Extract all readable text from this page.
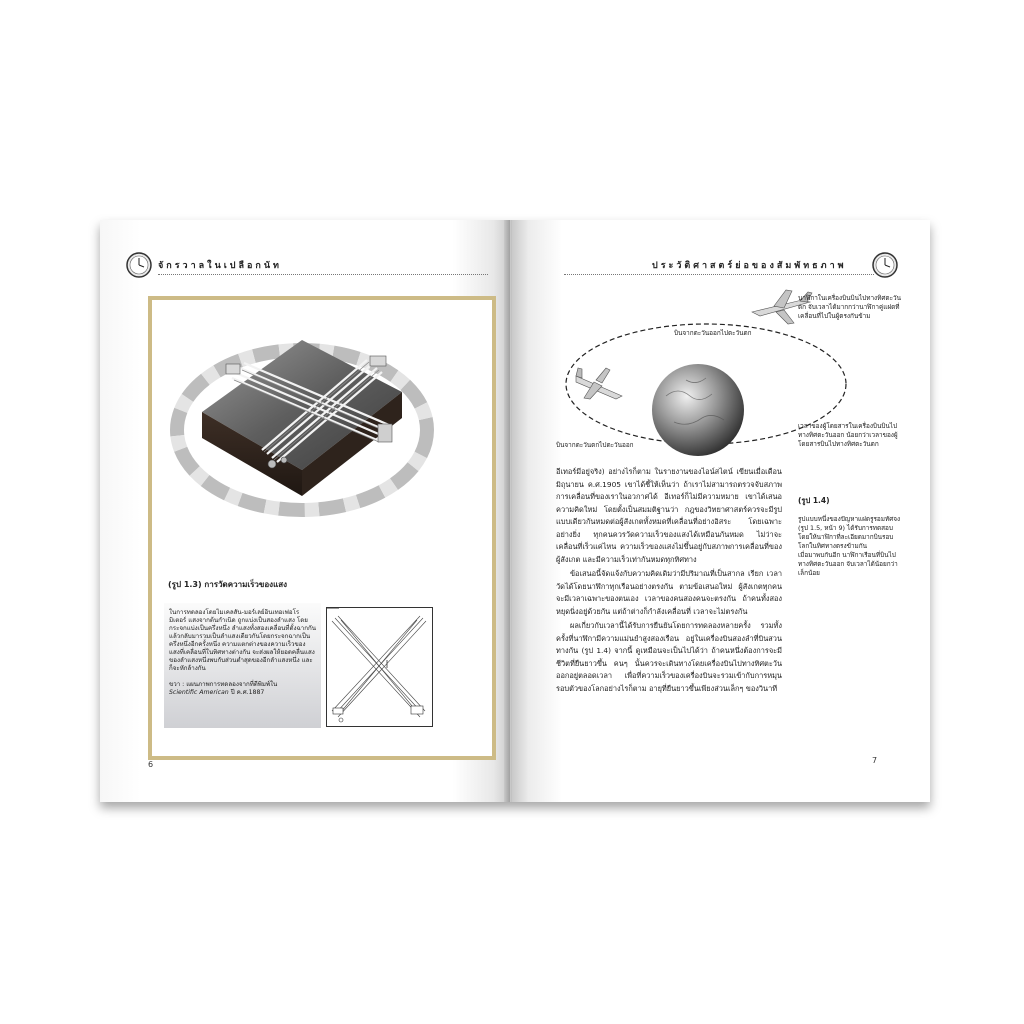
จักรวาลในเปลือกนัท
(รูป 1.3) การวัดความเร็วของแสง

ในการทดลองโดยไมเคลสัน-มอร์เลย์อินเทอเฟอโรมิเตอร์ แสงจากต้นกำเนิด ถูกแบ่งเป็นสองลำแสง โดยกระจกแบ่งเป็นครึ่งหนึ่ง ลำแสงทั้งสองเคลื่อนที่ตั้งฉากกัน แล้วกลับมารวมเป็นลำแสงเดียวกันโดยกระจกฉากเป็นครึ่งหนึ่งอีกครั้งหนึ่ง ความแตกต่างของความเร็วของแสงที่เคลื่อนที่ในทิศทางต่างกัน จะส่งผลให้ยอดคลื่นแสงของลำแสงหนึ่งพบกับส่วนต่ำสุดของอีกลำแสงหนึ่ง และก็จะหักล้างกัน

ขวา : แผนภาพการทดลองจากที่ตีพิมพ์ใน
Scientific American ปี ค.ศ.1887

6
ประวัติศาสตร์ย่อของสัมพัทธภาพ
บินจากตะวันออกไปตะวันตก
บินจากตะวันตกไปตะวันออก
นาฬิกาในเครื่องบินบินไปทางทิศตะวันตก จับเวลาได้มากกว่านาฬิกาคู่แฝดที่เคลื่อนที่ไปในผู้ตรงกันข้าม
เวลาของผู้โดยสารในเครื่องบินบินไปทางทิศตะวันออก น้อยกว่าเวลาของผู้โดยสารบินไปทางทิศตะวันตก
(รูป 1.4)

รูปแบบหนึ่งของปัญหาแฝดรูรอมทัศจง (รูป 1.5, หน้า 9) ได้รับการทดสอบโดยให้นาฬิกาที่ละเอียดมากบินรอบโลกในทิศทางตรงข้ามกัน
เมื่อมาพบกันอีก นาฬิกาเรือนที่บินไปทางทิศตะวันออก จับเวลาได้น้อยกว่าเล็กน้อย

อีเทอร์มีอยู่จริง) อย่างไรก็ตาม ในรายงานของไอน์สไตน์ เขียนเมื่อเดือนมิถุนายน ค.ศ.1905 เขาได้ชี้ให้เห็นว่า ถ้าเราไม่สามารถตรวจจับสภาพการเคลื่อนที่ของเราในอวกาศได้ อีเทอร์ก็ไม่มีความหมาย เขาได้เสนอความคิดใหม่ โดยตั้งเป็นสมมติฐานว่า กฎของวิทยาศาสตร์ควรจะมีรูปแบบเดียวกันหมดต่อผู้สังเกตทั้งหมดที่เคลื่อนที่อย่างอิสระ โดยเฉพาะอย่างยิ่ง ทุกคนควรวัดความเร็วของแสงได้เหมือนกันหมด ไม่ว่าจะเคลื่อนที่เร็วแค่ไหน ความเร็วของแสงไม่ขึ้นอยู่กับสภาพการเคลื่อนที่ของผู้สังเกต และมีความเร็วเท่ากันหมดทุกทิศทาง

ข้อเสนอนี้จัดแจ้งกับความคิดเดิมว่ามีปริมาณที่เป็นสากล เรียก เวลา วัดได้โดยนาฬิกาทุกเรือนอย่างตรงกัน ตามข้อเสนอใหม่ ผู้สังเกตทุกคนจะมีเวลาเฉพาะของตนเอง เวลาของคนสองคนจะตรงกัน ถ้าคนทั้งสองหยุดนิ่งอยู่ด้วยกัน แต่ถ้าต่างก็กำลังเคลื่อนที่ เวลาจะไม่ตรงกัน

ผลเกี่ยวกับเวลานี้ได้รับการยืนยันโดยการทดลองหลายครั้ง รวมทั้งครั้งที่นาฬิกามีความแม่นยำสูงสองเรือน อยู่ในเครื่องบินสองลำที่บินสวนทางกัน (รูป 1.4) จากนี้ ดูเหมือนจะเป็นไปได้ว่า ถ้าคนหนึ่งต้องการจะมีชีวิตที่ยืนยาวขึ้น คนๆ นั้นควรจะเดินทางโดยเครื่องบินไปทางทิศตะวันออกอยู่ตลอดเวลา เพื่อที่ความเร็วของเครื่องบินจะรวมเข้ากับการหมุนรอบตัวของโลกอย่างไรก็ตาม อายุที่ยืนยาวขึ้นเพียงส่วนเล็กๆ ของวินาที

7
